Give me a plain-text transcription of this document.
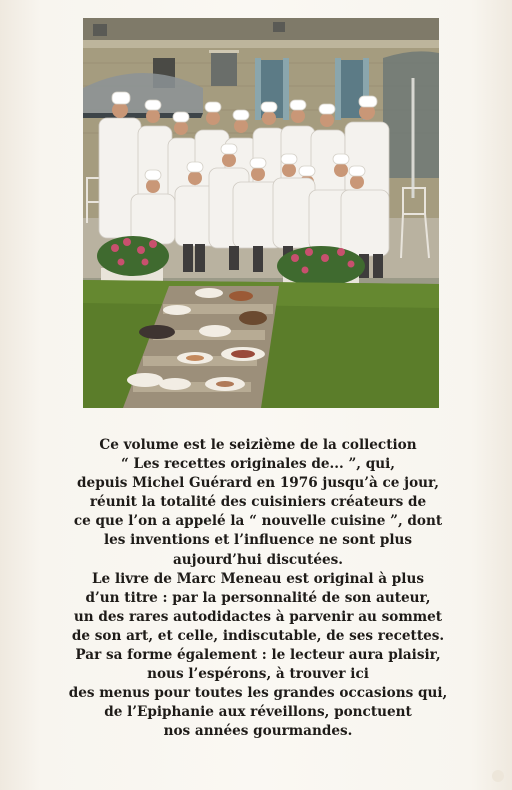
Ce volume est le seizième de la collection
“ Les recettes originales de... ”, qui,
depuis Michel Guérard en 1976 jusqu’à ce jour,
réunit la totalité des cuisiniers créateurs de
ce que l’on a appelé la “ nouvelle cuisine ”, dont
les inventions et l’influence ne sont plus
aujourd’hui discutées.
Le livre de Marc Meneau est original à plus
d’un titre : par la personnalité de son auteur,
un des rares autodidactes à parvenir au sommet
de son art, et celle, indiscutable, de ses recettes.
Par sa forme également : le lecteur aura plaisir,
nous l’espérons, à trouver ici
des menus pour toutes les grandes occasions qui,
de l’Epiphanie aux réveillons, ponctuent
nos années gourmandes.
